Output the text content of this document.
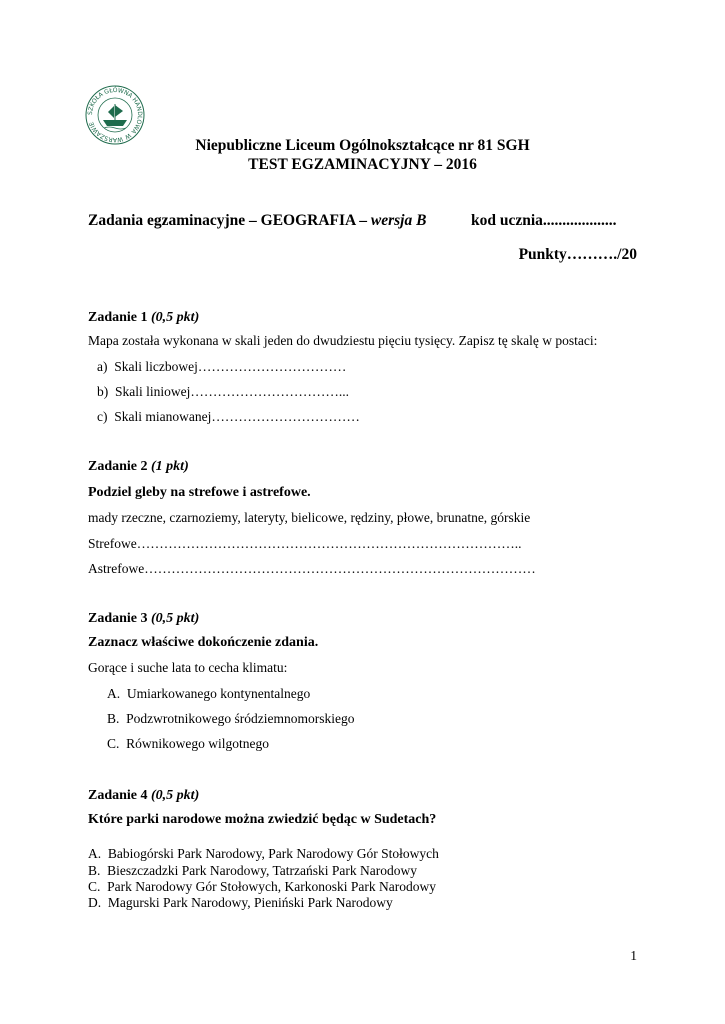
SZKOŁA GŁÓWNA HANDLOWA W WARSZAWIE
Niepubliczne Liceum Ogólnokształcące nr 81 SGH
TEST EGZAMINACYJNY – 2016
Zadania egzaminacyjne – GEOGRAFIA – wersja B	kod ucznia...................
Punkty………./20
Zadanie 1 (0,5 pkt)
Mapa została wykonana w skali jeden do dwudziestu pięciu tysięcy. Zapisz tę skalę w postaci:
a) Skali liczbowej……………………………
b) Skali liniowej……………………………...
c) Skali mianowanej……………………………
Zadanie 2 (1 pkt)
Podziel gleby na strefowe i astrefowe.
mady rzeczne, czarnoziemy, lateryty, bielicowe, rędziny, płowe, brunatne, górskie
Strefowe…………………………………………………………………………..
Astrefowe……………………………………………………………………………
Zadanie 3 (0,5 pkt)
Zaznacz właściwe dokończenie zdania.
Gorące i suche lata to cecha klimatu:
A. Umiarkowanego kontynentalnego
B. Podzwrotnikowego śródziemnomorskiego
C. Równikowego wilgotnego
Zadanie 4 (0,5 pkt)
Które parki narodowe można zwiedzić będąc w Sudetach?
A. Babiogórski Park Narodowy, Park Narodowy Gór Stołowych
B. Bieszczadzki Park Narodowy, Tatrzański Park Narodowy
C. Park Narodowy Gór Stołowych, Karkonoski Park Narodowy
D. Magurski Park Narodowy, Pieniński Park Narodowy
1
